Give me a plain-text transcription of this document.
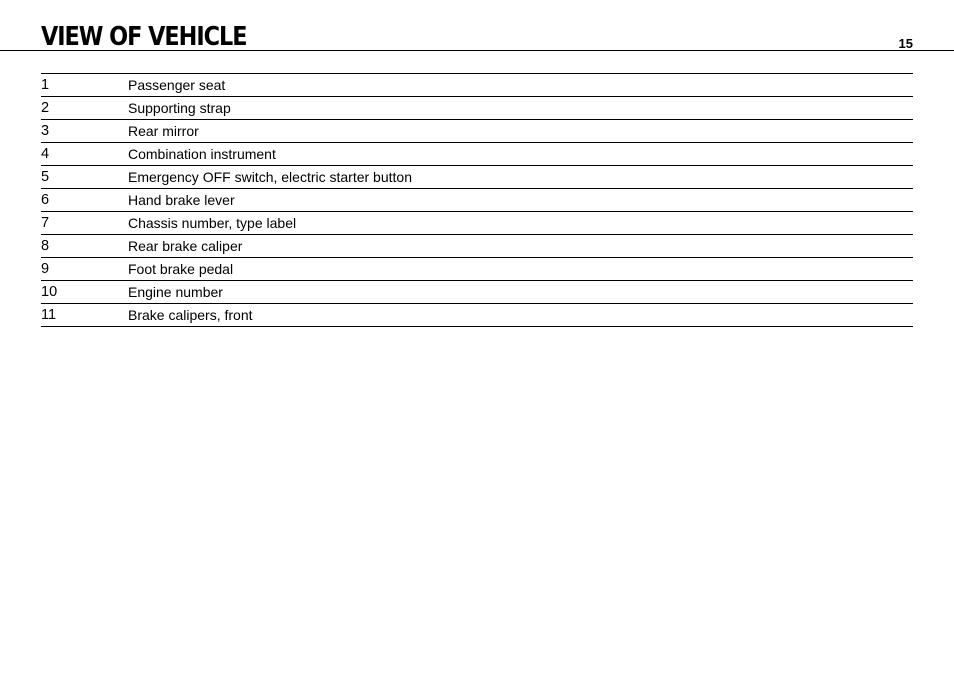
VIEW OF VEHICLE	15
1	Passenger seat
2	Supporting strap
3	Rear mirror
4	Combination instrument
5	Emergency OFF switch, electric starter button
6	Hand brake lever
7	Chassis number, type label
8	Rear brake caliper
9	Foot brake pedal
10	Engine number
11	Brake calipers, front
